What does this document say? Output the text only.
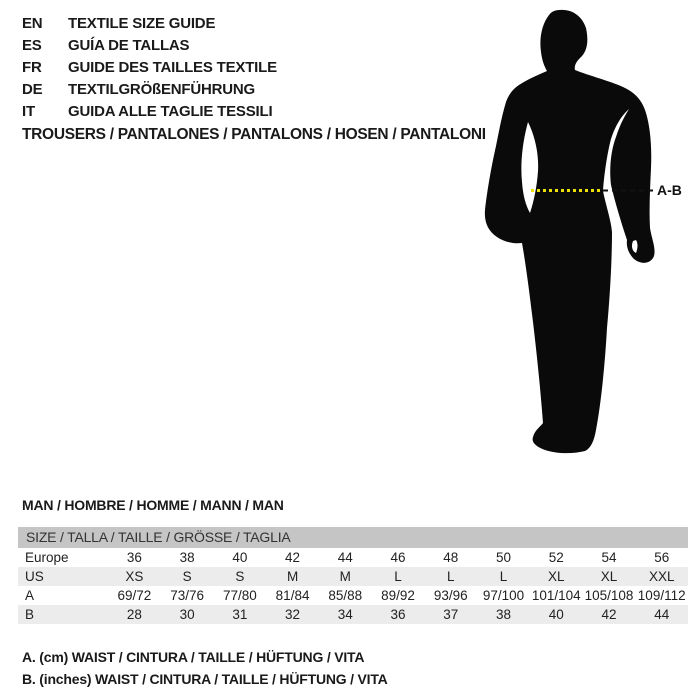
EN	TEXTILE SIZE GUIDE
ES	GUÍA DE TALLAS
FR	GUIDE DES TAILLES TEXTILE
DE	TEXTILGRÖßENFÜHRUNG
IT	GUIDA ALLE TAGLIE TESSILI
TROUSERS / PANTALONES / PANTALONS / HOSEN / PANTALONI
A-B
MAN / HOMBRE / HOMME / MANN / MAN
SIZE / TALLA / TAILLE / GRÖSSE / TAGLIA
Europe	36	38	40	42	44	46	48	50	52	54	56
US	XS	S	S	M	M	L	L	L	XL	XL	XXL
A	69/72	73/76	77/80	81/84	85/88	89/92	93/96	97/100 101/104 105/108 109/112
B	28	30	31	32	34	36	37	38	40	42	44
A. (cm) WAIST / CINTURA / TAILLE / HÜFTUNG / VITA
B. (inches) WAIST / CINTURA / TAILLE / HÜFTUNG / VITA
